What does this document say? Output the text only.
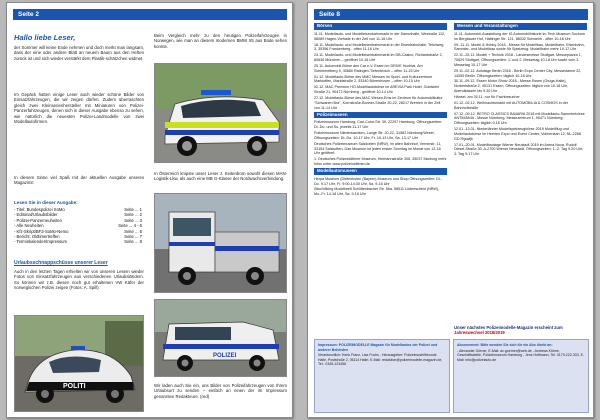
Seite 2
Hallo liebe Leser,
der Sommer will keine Ende nehmen und doch merkt man langsam, dass der eine oder andere Blatt an neuem Baum aus den Heften zurück ist und sich wieder verstärkt dem Plastik-schätzchen widmet.
Im Gepäck hatten einige Leser auch wieder schöne Bilder von Einsatzfahrzeugen, die wir zeigen dürfen. Zudem überraschten gleich zwei Kleinserienhersteller mit Miniaturen von Polizei-Panzerfahrzeugen, denen sich in dieser Ausgabe ebenso zu sehen, wie natürlich die neuesten Polizei-Landmodelle von zwei Modellautofirmen.
In diesem Sinne viel Spaß mit der aktuellen Ausgabe unseres Magazins!
Lesen Sie in dieser Ausgabe:
- Titel: Bundespolizei SoMo	Seite ... 1
- Editorial/Urlaubsbilder	Seite ... 2
- Polizei-Panzerneuheiten	Seite ... 3
- Alle Neuheiten	Seite ... 4 - 6
- Kfz-Skript/BF3-SoMo-Nemo	Seite ... 6
- Bericht: Oldtimertreffen	Seite ... 7
- Terminkalender/Impressum	Seite ... 8
Urlaubsschnappschüsse unserer Leser
Auch in den letzten Tagen erhielten wir von unseren Lesern wieder Fotos von Einsatzfahrzeugen aus verschiedenen Urlaubsländern. So können wir z.B. diesen noch gut erhaltenen VW Käfer der norwegischen Polizei zeigen (Fotos: A. Spill).
POLITI
Beim Vergleich mehr zu den heutigen Polizeifahrzeugen in Norwegen, wie man an diesem modernen BMW X5 aus Bode sehen konnte.
In Österreich knipste unser Leser J. Keitenborn sowohl diesen MAN-Logistik-Lkw, als auch eine MB G-Klasse der Nordwachsverbindung.
POLIZEI
Wir laden auch Sie ein, uns Bilder von Polizeifahrzeugen von Ihrem Urlaubsort zu senden – einfach an einen der im Impressum genannten Redakteure. (red)
Seite 8
Börsen

11.11. Modellauto- und Modelleisenbahnmarkt in der Dammhalle, Westraße 112, 58089 Hagen-Vorhalle in der Zeit von 11-16 Uhr

18.11. Modellauto- und Modelleisenbahnmarkt in der Eisenbahnhalle, Teichweg 3, 35396 Frankenberg - offen 11-16 Uhr

24.11. Modellauto- und Modelleisenbahnmarkt im DB-Casino, Richardstraße 2, 80636 München – geöffnet 10-16 Uhr

25.11. Automobil-Börse des Car e.V. Essen im DRIVE Hochtal, Am Schimmelberg 9, 40880 Ratingen-Tiefenbroich – offen 11-15 Uhr

01.12. Modellauto-Börse des MMC Messen im Sport- und Kulturzentrum Marktoffen, Marktstraße 2, 53340 Bönenhusen – offen 10-15 Uhr

02.12. MAC Premium HO-Modellautobörse im AREVIA Park Hotel, Goldstein Straße 21, 90472 Nürnberg - geöffnet 10-14 Uhr

27.12. Modellauto-Börse des MAC Wesen-Ems im Zentrum für Automobilkultur "Schwanen Bra", Kornstraße-Bonner-Straße 20-22, 28217 Bremen in der Zeit von 11-14 Uhr

Polizeimuseen

Polizeimuseum Hamburg, Carl-Cohn-Str. 39, 22297 Hamburg, Öffnungszeiten: Di.-Do. und So. jeweils 11-17 Uhr

Polizeimuseum Niedersachsen, Lange Str. 20-22, 31582 Nienburg/Weser, Öffnungszeiten: Di.-Do. 10-17 Uhr, Fr. 10-13 Uhr, Sa. 13-17 Uhr

Deutsches Polizeimuseum Salzkotten (NRW), im alten Bahnhof, Vernerstr. 11, 33154 Salzkotten. Das Museum ist jeden ersten Sonntag im Monat von 13-18 Uhr geöffnet.

1. Deutsches Polizeioldtimer Museum, Heimannstraße 306, 35037 Marburg mehr Infos unter www.polizeioldtimer.de

Modellautomuseen

Herpa Museum (Dietenhofen (Bayern) Museum und Shop Öffnungszeiten: Di.-Do. 9-17 Uhr, Fr. 9:00-14:30 Uhr, Sa. 9-16 Uhr

Siku/Wiking Modellwelt Schlittenbacher Str. 56a, 58511 Lüdenscheid (NRW), Mo.-Fr. 14-18 Uhr, Sa. 9-16 Uhr

Messen und Veranstaltungen

11.11. Automobil-Ausstellung der IG Automobilhistorie im Tech Museum Sochum im Bergbauer Hof, Hattinger Str. 121, 88332 Schwelm - offen 10-18 Uhr

09.-11.11. Model & Hobby 2018 - Messe für Modellbau, Modellbahn, Eisenbahn, Sammler- und Modellbau sowie für Spielzeug: Modellbahn mehr 10-17 Uhr

22.11.-25.11. Modell + Technik 2018 - Landesmesse Stuttgart, Messepiazza 1, 70629 Stuttgart, Öffnungszeiten: 1. und 2. Messetag 10-18 Uhr sowie vom 3. Messetag 10-17 Uhr

29.11.-02.12. Autotage Berlin 2018 - Berlin Expo Center City, Messedamm 22, 14055 Berlin, Öffnungszeiten: täglich 10-18 Uhr

30.11.-09.12. Essen Motor Show 2018 - Messe Essen (Gruga-Halle), Norbertstraße 2, 45131 Essen, Öffnungszeiten: täglich von 10-18 Uhr, Abendkassen bis 9.30 Uhr

Hänsel, am 30.11. nur für Fachbesucher

01.12.-02.12. Weihnachtsmarkt mit AUTOMOBILIA & COSMOS in der Bahnhofstraße

07.12.-09.12. RETRO CLASSICS BAVARIA 2018 mit Modellauto-Sammlerbörse ANTIMANIA - Messe Nürnberg, Messezentrum 1, 90471 Nürnberg; Öffnungszeiten: täglich 9-18 Uhr

12.01.-13.01. Niederländer Modellspielzeugbörse 2019 Modellflug und Modellautobörse im Heerlen Expo und Event Center, Volmerlaan 12, NL-2288 GD Rijswijk

17.01.-20.01. Modellbautage Wiener Neustadt 2019 im Arena Nova, Rudolf Diesel-Straße 30, A-2700 Wiener Neustadt, Öffnungszeiten: 1.-2. Tag 9-20 Uhr, 3. Tag 9-17 Uhr

Unser nächstes Polizeimodelle-Magazin erscheint zum Jahreswechsel 2018/2019
Impressum: POLIZEIMODELLE Magazin für Modellautos der Polizei und anderer Behörden
Verantwortlich: Henk Franz, Lisa Fuchs - Herausgeber: Polizeimodellfreunde Halle, Poststraße 2, 06114 Halle; E-Mail: redaktion@polizeimodelle-magazin.de, Tel.: 0345-123456
Abonnement: Bitte wenden Sie sich für ein Abo direkt an:
- Alexander Görner, E-Mail: ax.goerner@web.de - Andreas Kühne, Geschäftsstelle, Polizeimuseum Hamburg - Jens Hoffmann, Tel. 0179-222-333, E-Mail: info@polizeiauto.de
